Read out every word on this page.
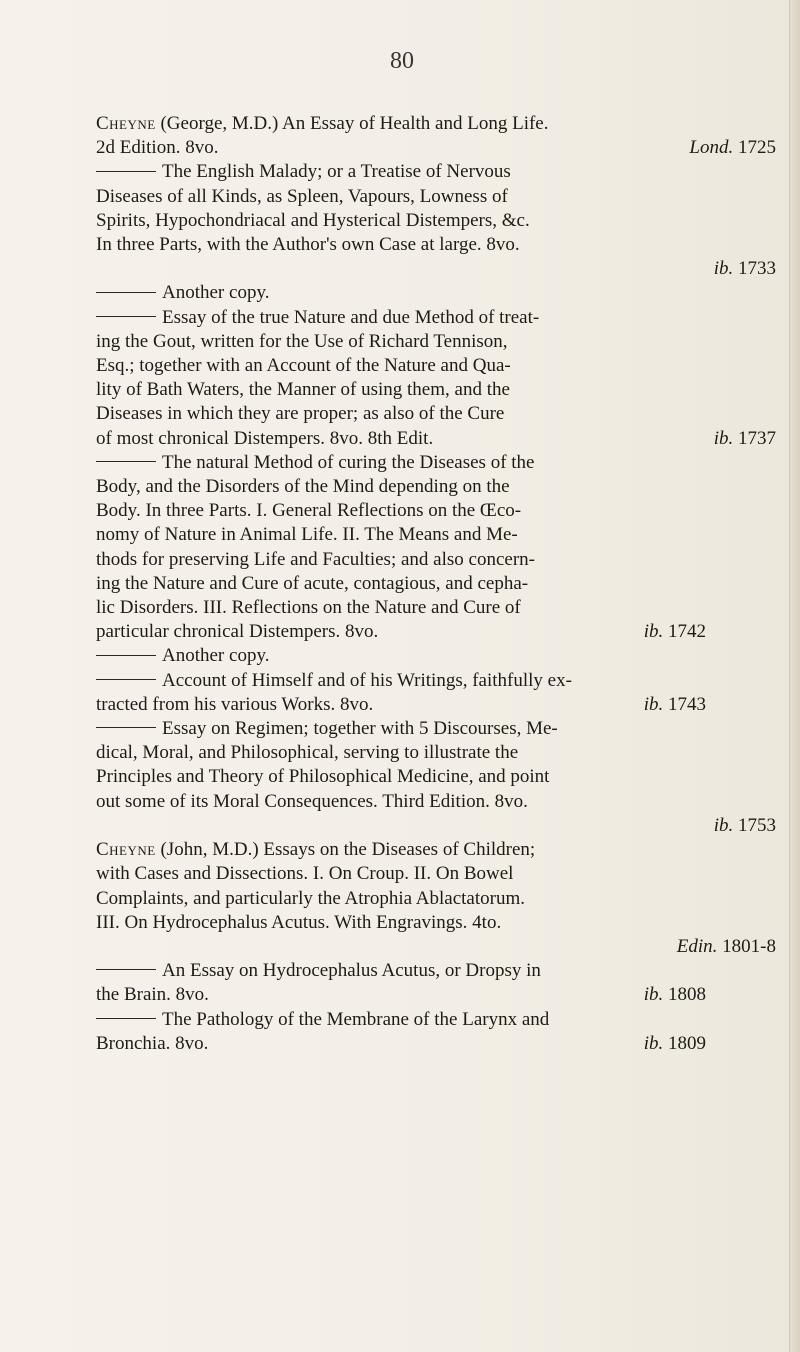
80
Cheyne (George, M.D.) An Essay of Health and Long Life.
2d Edition. 8vo.	Lond. 1725
The English Malady; or a Treatise of Nervous
Diseases of all Kinds, as Spleen, Vapours, Lowness of
Spirits, Hypochondriacal and Hysterical Distempers, &c.
In three Parts, with the Author's own Case at large. 8vo.
ib. 1733
Another copy.
Essay of the true Nature and due Method of treat-
ing the Gout, written for the Use of Richard Tennison,
Esq.; together with an Account of the Nature and Qua-
lity of Bath Waters, the Manner of using them, and the
Diseases in which they are proper; as also of the Cure
of most chronical Distempers. 8vo. 8th Edit.	ib. 1737
The natural Method of curing the Diseases of the
Body, and the Disorders of the Mind depending on the
Body. In three Parts. I. General Reflections on the Œco-
nomy of Nature in Animal Life. II. The Means and Me-
thods for preserving Life and Faculties; and also concern-
ing the Nature and Cure of acute, contagious, and cepha-
lic Disorders. III. Reflections on the Nature and Cure of
particular chronical Distempers. 8vo.	ib. 1742
Another copy.
Account of Himself and of his Writings, faithfully ex-
tracted from his various Works. 8vo.	ib. 1743
Essay on Regimen; together with 5 Discourses, Me-
dical, Moral, and Philosophical, serving to illustrate the
Principles and Theory of Philosophical Medicine, and point
out some of its Moral Consequences. Third Edition. 8vo.
ib. 1753
Cheyne (John, M.D.) Essays on the Diseases of Children;
with Cases and Dissections. I. On Croup. II. On Bowel
Complaints, and particularly the Atrophia Ablactatorum.
III. On Hydrocephalus Acutus. With Engravings. 4to.
Edin. 1801-8
An Essay on Hydrocephalus Acutus, or Dropsy in
the Brain. 8vo.	ib. 1808
The Pathology of the Membrane of the Larynx and
Bronchia. 8vo.	ib. 1809
